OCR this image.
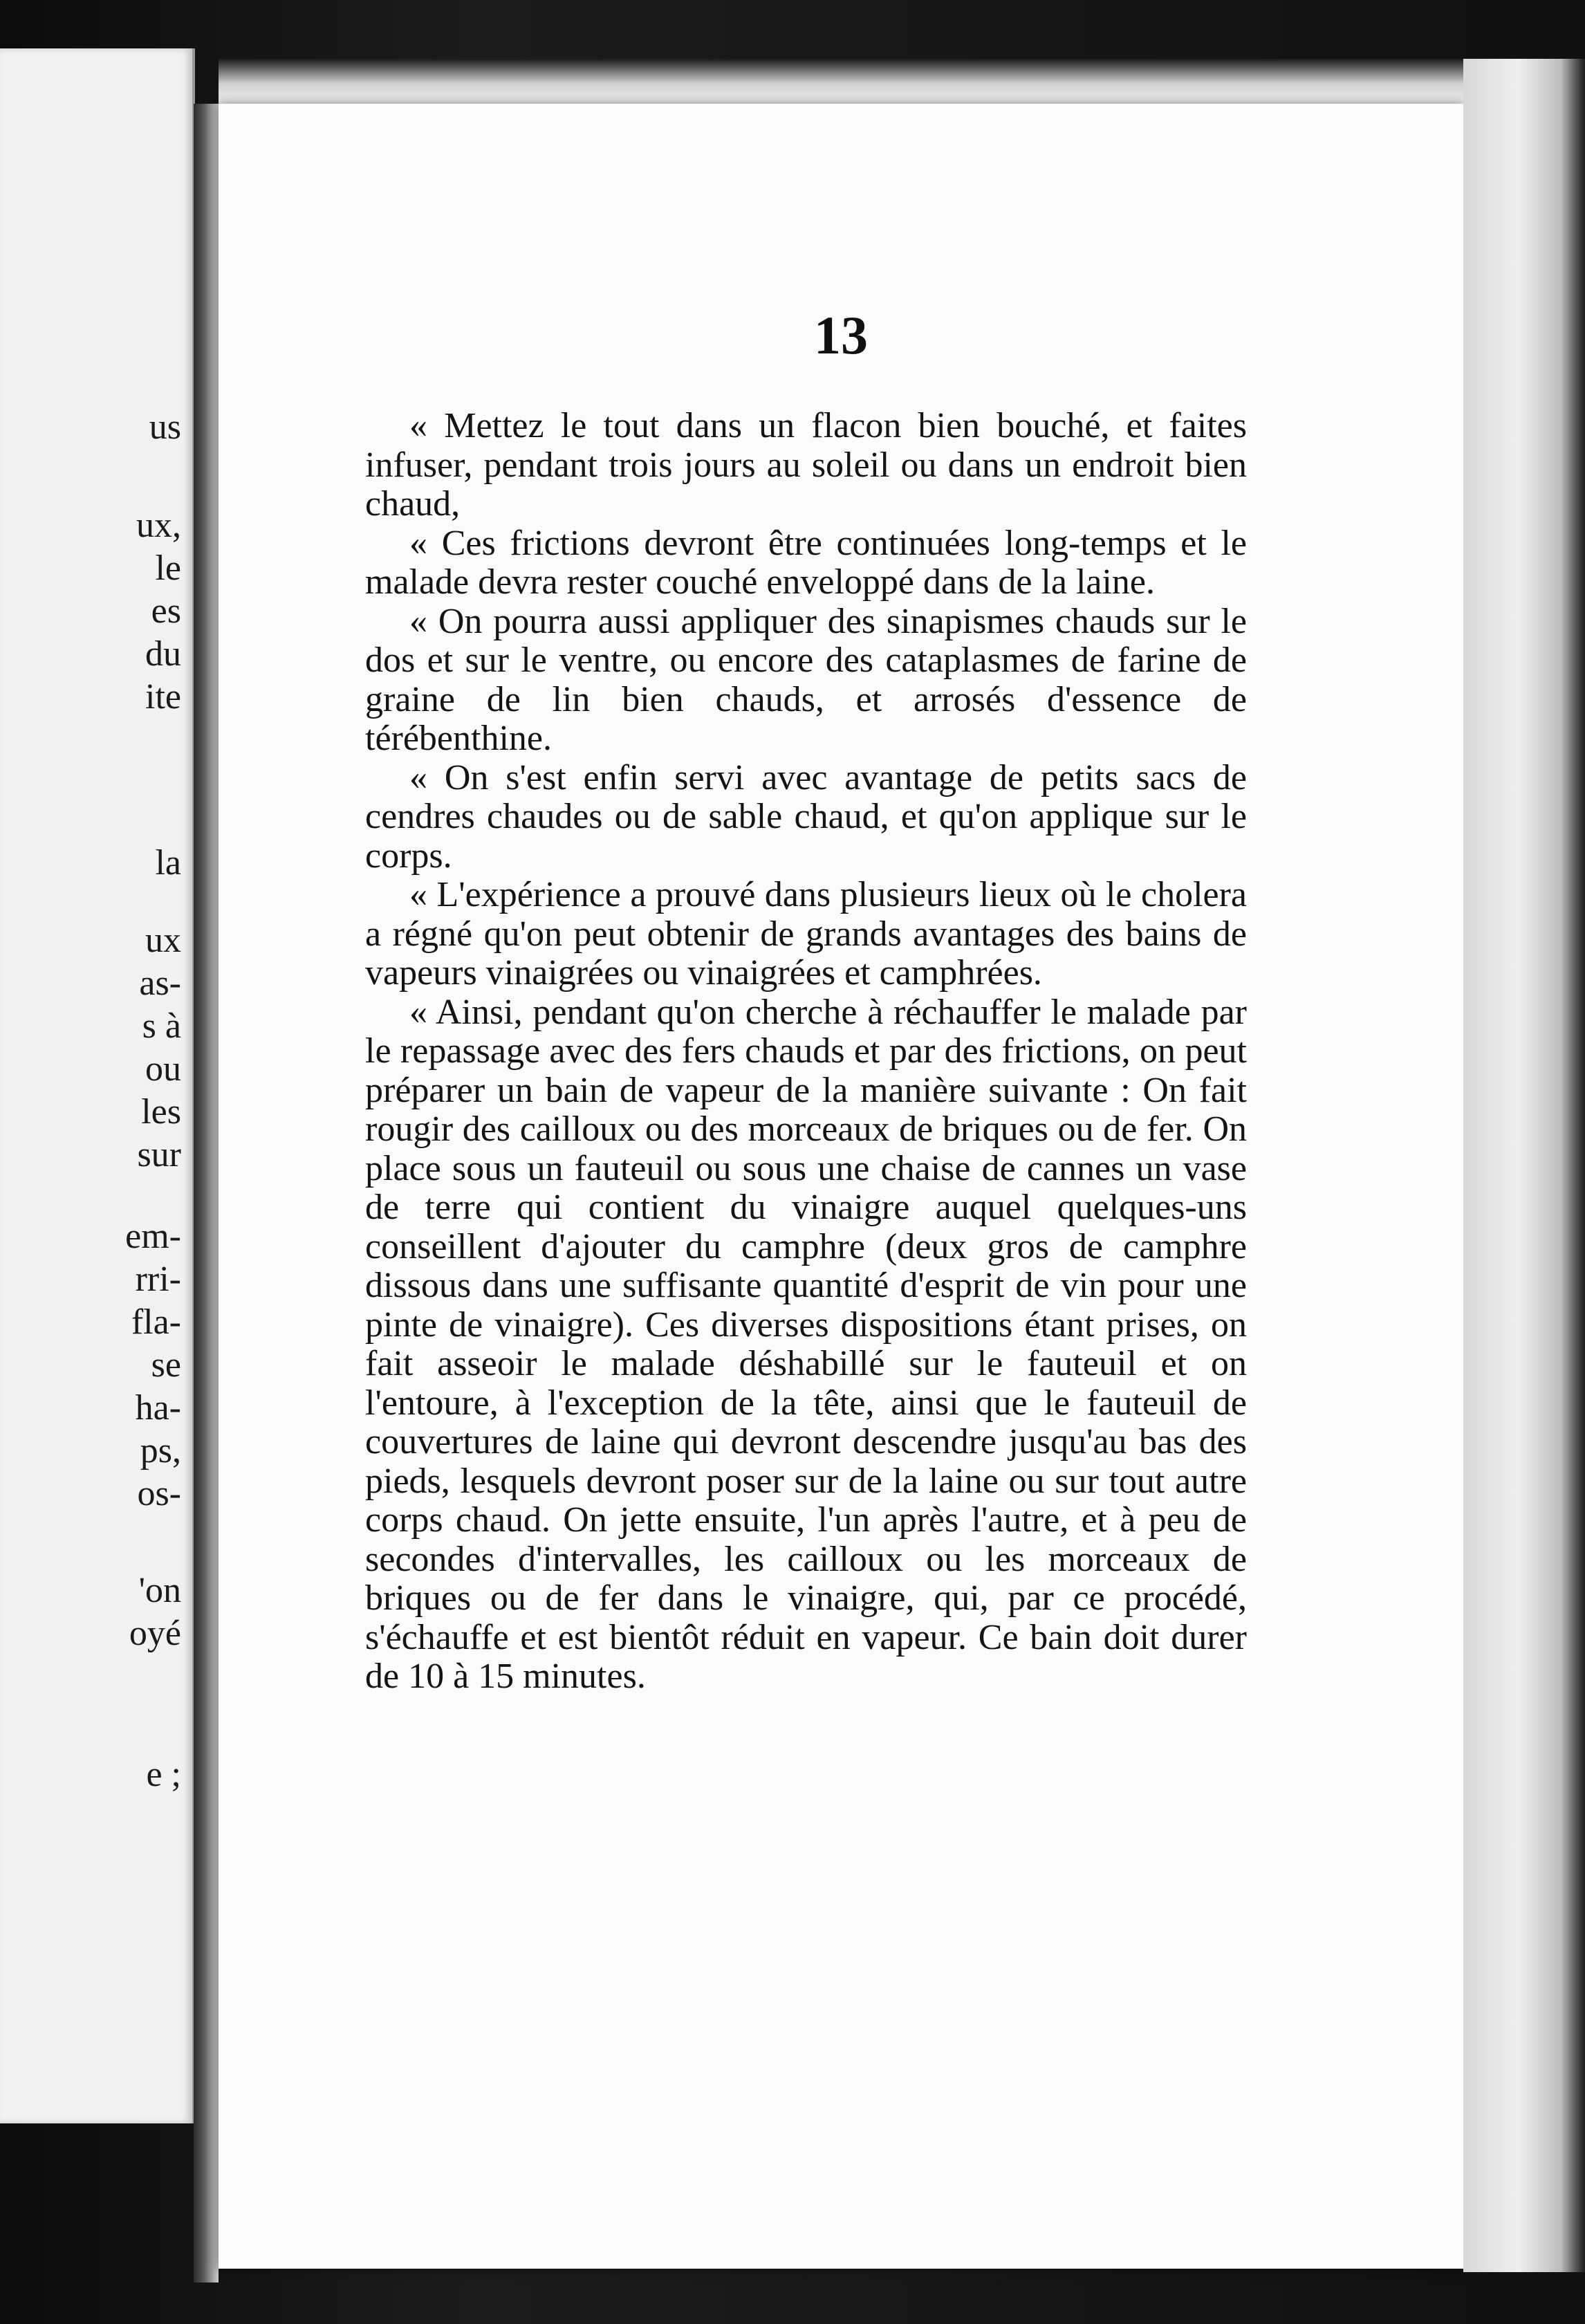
us

ux,

le

es

du

ite

la

ux

as-

s à

ou

les

sur

em-

rri-

fla-

se

ha-

ps,

os-

'on

oyé

e ;

13

« Mettez le tout dans un flacon bien bouché, et faites infuser, pendant trois jours au soleil ou dans un endroit bien chaud,

« Ces frictions devront être continuées long-temps et le malade devra rester couché enveloppé dans de la laine.

« On pourra aussi appliquer des sinapismes chauds sur le dos et sur le ventre, ou encore des cataplasmes de farine de graine de lin bien chauds, et arrosés d'essence de térébenthine.

« On s'est enfin servi avec avantage de petits sacs de cendres chaudes ou de sable chaud, et qu'on applique sur le corps.

« L'expérience a prouvé dans plusieurs lieux où le cholera a régné qu'on peut obtenir de grands avantages des bains de vapeurs vinaigrées ou vinaigrées et camphrées.

« Ainsi, pendant qu'on cherche à réchauffer le malade par le repassage avec des fers chauds et par des frictions, on peut préparer un bain de vapeur de la manière suivante : On fait rougir des cailloux ou des morceaux de briques ou de fer. On place sous un fauteuil ou sous une chaise de cannes un vase de terre qui contient du vinaigre auquel quelques-uns conseillent d'ajouter du camphre (deux gros de camphre dissous dans une suffisante quantité d'esprit de vin pour une pinte de vinaigre). Ces diverses dispositions étant prises, on fait asseoir le malade déshabillé sur le fauteuil et on l'entoure, à l'exception de la tête, ainsi que le fauteuil de couvertures de laine qui devront descendre jusqu'au bas des pieds, lesquels devront poser sur de la laine ou sur tout autre corps chaud. On jette ensuite, l'un après l'autre, et à peu de secondes d'intervalles, les cailloux ou les morceaux de briques ou de fer dans le vinaigre, qui, par ce procédé, s'échauffe et est bientôt réduit en vapeur. Ce bain doit durer de 10 à 15 minutes.
